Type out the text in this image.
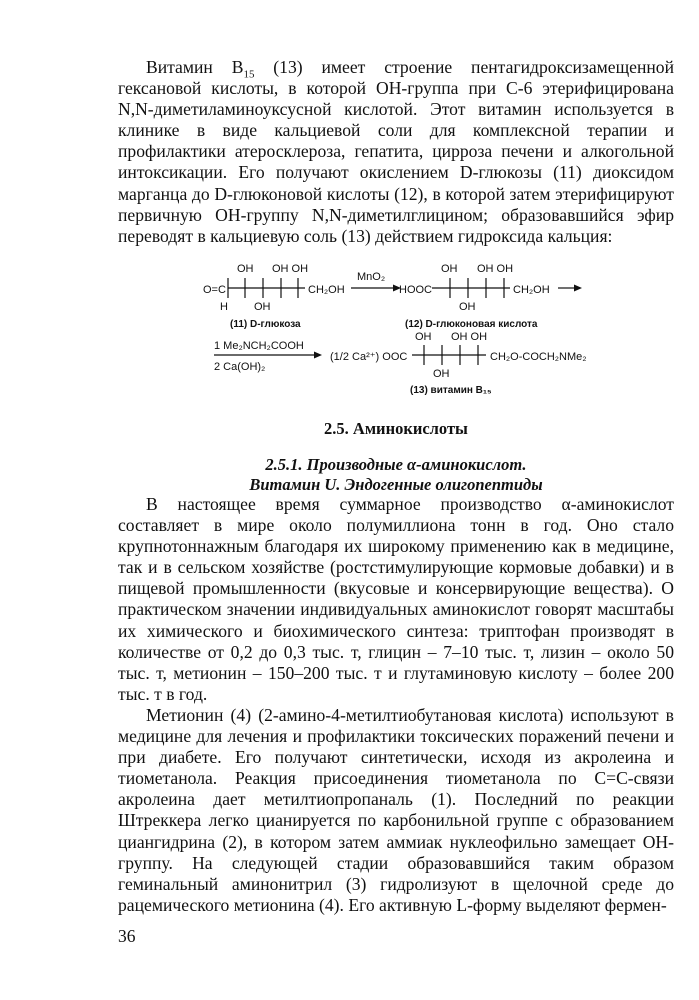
Витамин $B_{15}$ (13) имеет строение пентагидроксизамещенной гексановой кислоты, в которой ОН-группа при С-6 этерифицирована N,N-диметиламиноуксусной кислотой. Этот витамин используется в клинике в виде кальциевой соли для комплексной терапии и профилактики атеросклероза, гепатита, цирроза печени и алкогольной интоксикации. Его получают окислением D-глюкозы (11) диоксидом марганца до D-глюконовой кислоты (12), в которой затем этерифицируют первичную ОН-группу N,N-диметилглицином; образовавшийся эфир переводят в кальциевую соль (13) действием гидроксида кальция:

O=C
H
OH
OH
OH OH
CH₂OH
(11) D-глюкоза
MnO₂
HOOC
OH
OH
OH OH
CH₂OH
(12) D-глюконовая кислота
1 Me₂NCH₂COOH
2 Ca(OH)₂
(1/2 Ca²⁺) OOC
OH
OH
OH OH
CH₂O-COCH₂NMe₂
(13) витамин B₁₅

2.5. Аминокислоты

2.5.1. Производные α-аминокислот.
Витамин U. Эндогенные олигопептиды

В настоящее время суммарное производство α-аминокислот составляет в мире около полумиллиона тонн в год. Оно стало крупнотоннажным благодаря их широкому применению как в медицине, так и в сельском хозяйстве (ростстимулирующие кормовые добавки) и в пищевой промышленности (вкусовые и консервирующие вещества). О практическом значении индивидуальных аминокислот говорят масштабы их химического и биохимического синтеза: триптофан производят в количестве от 0,2 до 0,3 тыс. т, глицин – 7–10 тыс. т, лизин – около 50 тыс. т, метионин – 150–200 тыс. т и глутаминовую кислоту – более 200 тыс. т в год.

Метионин (4) (2-амино-4-метилтиобутановая кислота) используют в медицине для лечения и профилактики токсических поражений печени и при диабете. Его получают синтетически, исходя из акролеина и тиометанола. Реакция присоединения тиометанола по С=С-связи акролеина дает метилтиопропаналь (1). Последний по реакции Штреккера легко цианируется по карбонильной группе с образованием циангидрина (2), в котором затем аммиак нуклеофильно замещает ОН-группу. На следующей стадии образовавшийся таким образом геминальный аминонитрил (3) гидролизуют в щелочной среде до рацемического метионина (4). Его активную L-форму выделяют фермен-

36
